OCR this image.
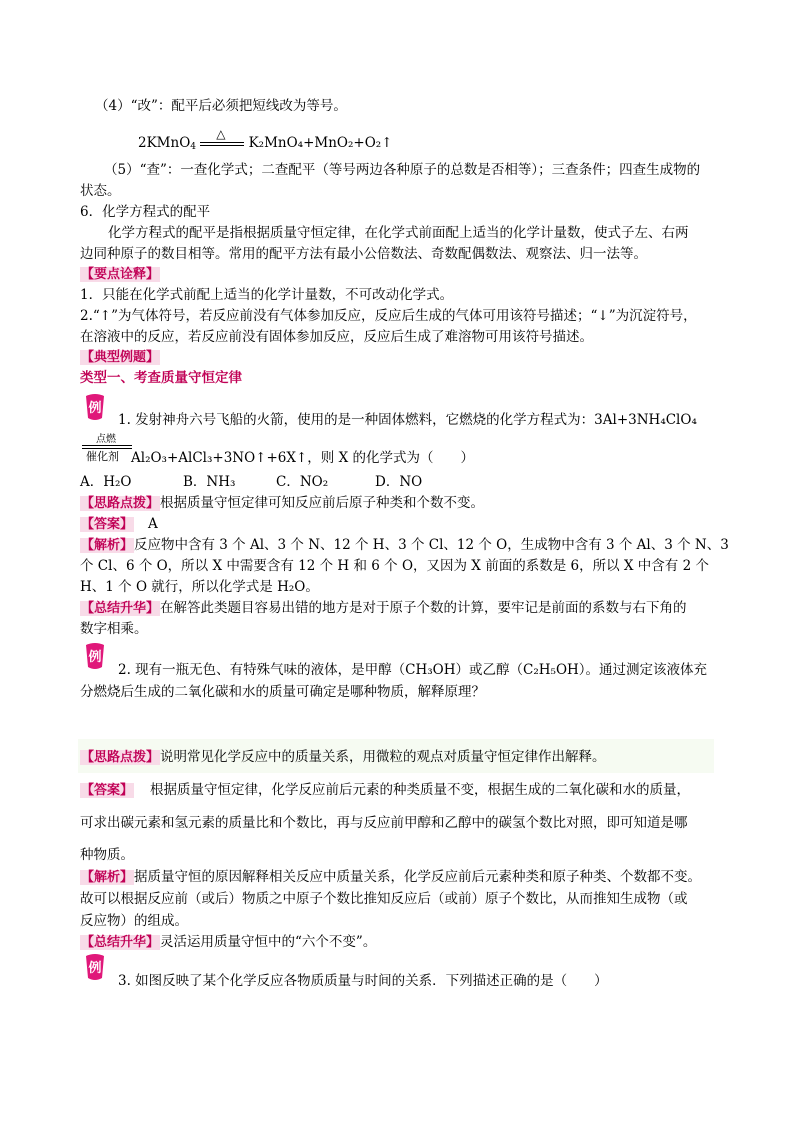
（4）“改”：配平后必须把短线改为等号。
2KMnO$_4$
△
K₂MnO₄+MnO₂+O₂↑
（5）“查”：一查化学式；二查配平（等号两边各种原子的总数是否相等）；三查条件；四查生成物的
状态。
6．化学方程式的配平
化学方程式的配平是指根据质量守恒定律，在化学式前面配上适当的化学计量数，使式子左、右两
边同种原子的数目相等。常用的配平方法有最小公倍数法、奇数配偶数法、观察法、归一法等。
【要点诠释】
1．只能在化学式前配上适当的化学计量数，不可改动化学式。
2.“↑”为气体符号，若反应前没有气体参加反应，反应后生成的气体可用该符号描述；“↓”为沉淀符号，
在溶液中的反应，若反应前没有固体参加反应，反应后生成了难溶物可用该符号描述。
【典型例题】
类型一、考查质量守恒定律
例
1. 发射神舟六号飞船的火箭，使用的是一种固体燃料，它燃烧的化学方程式为：3Al+3NH₄ClO₄
点燃
催化剂 Al₂O₃+AlCl₃+3NO↑+6X↑，则 X 的化学式为（　　）
A．H₂O	B．NH₃	C．NO₂	D．NO
【思路点拨】根据质量守恒定律可知反应前后原子种类和个数不变。
【答案】 A
【解析】反应物中含有 3 个 Al、3 个 N、12 个 H、3 个 Cl、12 个 O，生成物中含有 3 个 Al、3 个 N、3
个 Cl、6 个 O，所以 X 中需要含有 12 个 H 和 6 个 O，又因为 X 前面的系数是 6，所以 X 中含有 2 个
H、1 个 O 就行，所以化学式是 H₂O。
【总结升华】在解答此类题目容易出错的地方是对于原子个数的计算，要牢记是前面的系数与右下角的
数字相乘。
例
2. 现有一瓶无色、有特殊气味的液体，是甲醇（CH₃OH）或乙醇（C₂H₅OH）。通过测定该液体充
分燃烧后生成的二氧化碳和水的质量可确定是哪种物质，解释原理？
【思路点拨】说明常见化学反应中的质量关系，用微粒的观点对质量守恒定律作出解释。
【答案】 根据质量守恒定律，化学反应前后元素的种类质量不变，根据生成的二氧化碳和水的质量，
可求出碳元素和氢元素的质量比和个数比，再与反应前甲醇和乙醇中的碳氢个数比对照，即可知道是哪
种物质。
【解析】据质量守恒的原因解释相关反应中质量关系，化学反应前后元素种类和原子种类、个数都不变。
故可以根据反应前（或后）物质之中原子个数比推知反应后（或前）原子个数比，从而推知生成物（或
反应物）的组成。
【总结升华】灵活运用质量守恒中的“六个不变”。
例
3. 如图反映了某个化学反应各物质质量与时间的关系．下列描述正确的是（　　）
